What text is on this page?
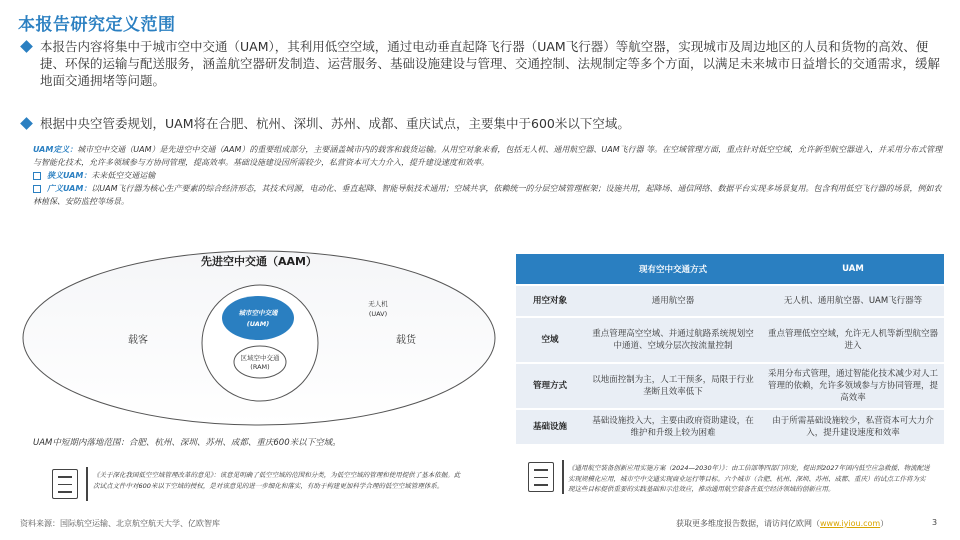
本报告研究定义范围
本报告内容将集中于城市空中交通（UAM），其利用低空空域，通过电动垂直起降飞行器（UAM飞行器）等航空器，实现城市及周边地区的人员和货物的高效、便捷、环保的运输与配送服务，涵盖航空器研发制造、运营服务、基础设施建设与管理、交通控制、法规制定等多个方面，以满足未来城市日益增长的交通需求，缓解地面交通拥堵等问题。
根据中央空管委规划，UAM将在合肥、杭州、深圳、苏州、成都、重庆试点，主要集中于600米以下空域。
UAM定义：城市空中交通（UAM）是先进空中交通（AAM）的重要组成部分，主要涵盖城市内的载客和载货运输。从用空对象来看，包括无人机、通用航空器、UAM飞行器 等。在空域管理方面，重点针对低空空域，允许新型航空器进入，并采用分布式管理与智能化技术，允许多领域参与方协同管理，提高效率。基础设施建设因所需较少，私营资本可大力介入，提升建设速度和效率。
狭义UAM：未来低空交通运输
广义UAM：以UAM飞行器为核心生产要素的综合经济形态，其技术同源，电动化、垂直起降、智能导航技术通用；空域共享，依赖统一的分层空域管理框架；设施共用，起降场、通信网络、数据平台实现多场景复用。包含利用低空飞行器的场景，例如农林植保、安防监控等场景。
先进空中交通（AAM）
载客	载货
城市空中交通
(UAM)
区域空中交通
(RAM)
无人机
(UAV)
UAM中短期内落地范围：合肥、杭州、深圳、苏州、成都、重庆600米以下空域。
	现有空中交通方式	UAM
用空对象	通用航空器	无人机、通用航空器、UAM飞行器等
空域	重点管理高空空域、并通过航路系统规划空中通道、空域分层次按流量控制	重点管理低空空域，允许无人机等新型航空器进入
管理方式	以地面控制为主，人工干预多，局限于行业垄断且效率低下	采用分布式管理，通过智能化技术减少对人工管理的依赖，允许多领域参与方协同管理，提高效率
基础设施	基础设施投入大，主要由政府资助建设，在维护和升级上较为困难	由于所需基础设施较少，私营资本可大力介入，提升建设速度和效率
《关于深化我国低空空域管理改革的意见》：该意见明确了低空空域的范围和分类，为低空空域的管理和使用提供了基本依据。此次试点文件中对600米以下空域的授权，是对该意见的进一步细化和落实，有助于构建更加科学合理的低空空域管理体系。
《通用航空装备创新应用实施方案（2024—2030年）》：由工信部等四部门印发，提出到2027年国内低空应急救援、物流配送实现规模化应用，城市空中交通实现商业运行等目标。六个城市（合肥、杭州、深圳、苏州、成都、重庆）的试点工作将为实现这些目标提供重要的实践基础和示范效应，推动通用航空装备在低空经济领域的创新应用。
资料来源：国际航空运输、北京航空航天大学、亿欧智库	获取更多维度报告数据，请访问亿欧网（www.iyiou.com）	3
